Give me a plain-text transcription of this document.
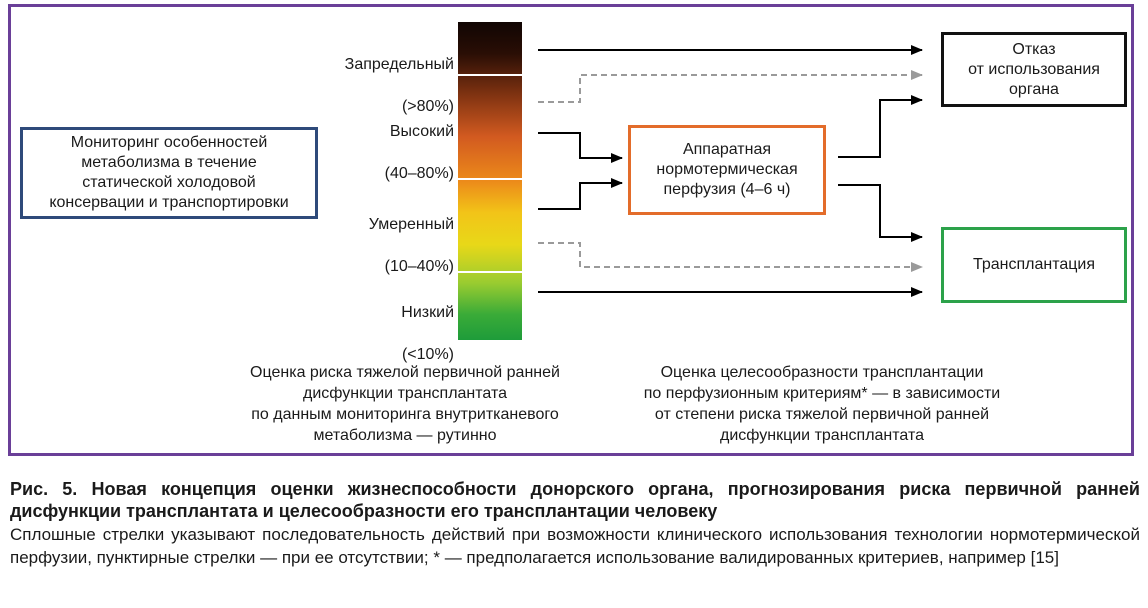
Мониторинг особенностей
метаболизма в течение
статической холодовой
консервации и транспортировки

Запредельный

(>80%)

Высокий

(40–80%)

Умеренный

(10–40%)

Низкий

(<10%)

Аппаратная
нормотермическая
перфузия (4–6 ч)
Отказ
от использования
органа
Трансплантация
Оценка риска тяжелой первичной ранней
дисфункции трансплантата
по данным мониторинга внутритканевого
метаболизма — рутинно
Оценка целесообразности трансплантации
по перфузионным критериям* — в зависимости
от степени риска тяжелой первичной ранней
дисфункции трансплантата
Рис. 5. Новая концепция оценки жизнеспособности донорского органа, прогнозирования риска первичной ранней дисфункции трансплантата и целесообразности его трансплантации человеку
Сплошные стрелки указывают последовательность действий при возможности клинического использования технологии нормотермической перфузии, пунктирные стрелки — при ее отсутствии; * — предполагается использование валидированных критериев, например [15]
